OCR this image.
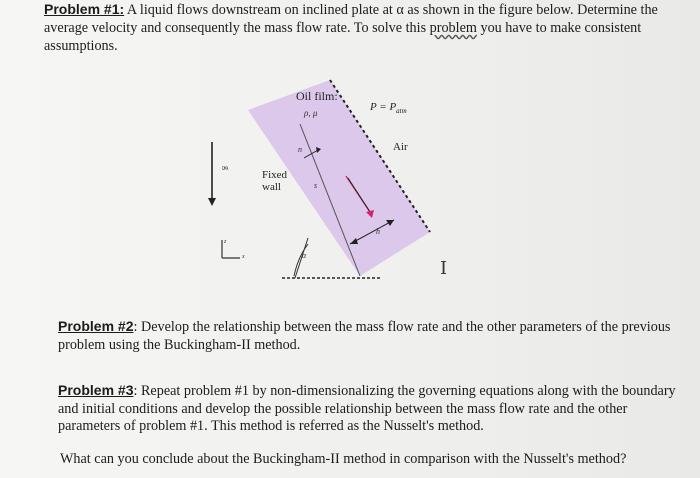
Problem #1: A liquid flows downstream on inclined plate at α as shown in the figure below. Determine the average velocity and consequently the mass flow rate. To solve this problem you have to make consistent assumptions.
α
Oil film:
ρ, μ	$P = P_{atm}$
Air
Fixed
wall
g
z
x
n
s
h
I
Problem #2: Develop the relationship between the mass flow rate and the other parameters of the previous problem using the Buckingham-II method.
Problem #3: Repeat problem #1 by non-dimensionalizing the governing equations along with the boundary and initial conditions and develop the possible relationship between the mass flow rate and the other parameters of problem #1. This method is referred as the Nusselt's method.
What can you conclude about the Buckingham-II method in comparison with the Nusselt's method?
